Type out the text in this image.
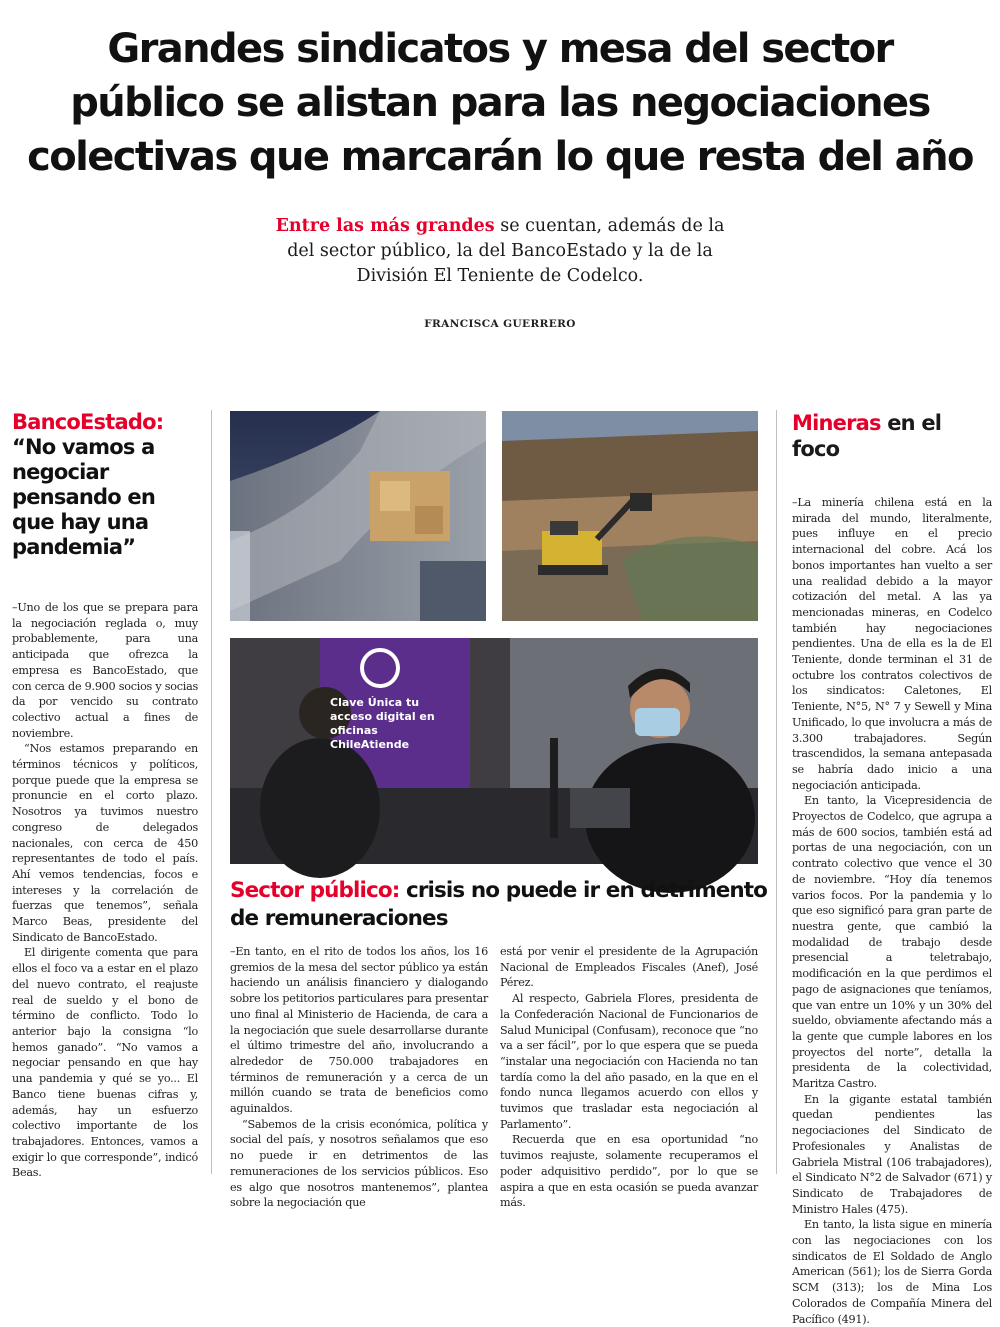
Grandes sindicatos y mesa del sector
público se alistan para las negociaciones
colectivas que marcarán lo que resta del año
Entre las más grandes se cuentan, además de la del sector público, la del BancoEstado y la de la División El Teniente de Codelco.
FRANCISCA GUERRERO
BancoEstado:
“No vamos a negociar pensando en que hay una pandemia”

–Uno de los que se prepara para la negociación reglada o, muy probablemente, para una anticipada que ofrezca la empresa es BancoEstado, que con cerca de 9.900 socios y socias da por vencido su contrato colectivo actual a fines de noviembre.

“Nos estamos preparando en términos técnicos y políticos, porque puede que la empresa se pronuncie en el corto plazo. Nosotros ya tuvimos nuestro congreso de delegados nacionales, con cerca de 450 representantes de todo el país. Ahí vemos tendencias, focos e intereses y la correlación de fuerzas que tenemos”, señala Marco Beas, presidente del Sindicato de BancoEstado.

El dirigente comenta que para ellos el foco va a estar en el plazo del nuevo contrato, el reajuste real de sueldo y el bono de término de conflicto. Todo lo anterior bajo la consigna “lo hemos ganado”. “No vamos a negociar pensando en que hay una pandemia y qué se yo... El Banco tiene buenas cifras y, además, hay un esfuerzo colectivo importante de los trabajadores. Entonces, vamos a exigir lo que corresponde”, indicó Beas.

Clave Única tu acceso digital en oficinas ChileAtiende
Sector público: crisis no puede ir en detrimento de remuneraciones

–En tanto, en el rito de todos los años, los 16 gremios de la mesa del sector público ya están haciendo un análisis financiero y dialogando sobre los petitorios particulares para presentar uno final al Ministerio de Hacienda, de cara a la negociación que suele desarrollarse durante el último trimestre del año, involucrando a alrededor de 750.000 trabajadores en términos de remuneración y a cerca de un millón cuando se trata de beneficios como aguinaldos.

“Sabemos de la crisis económica, política y social del país, y nosotros señalamos que eso no puede ir en detrimentos de las remuneraciones de los servicios públicos. Eso es algo que nosotros mantenemos”, plantea sobre la negociación que

está por venir el presidente de la Agrupación Nacional de Empleados Fiscales (Anef), José Pérez.

Al respecto, Gabriela Flores, presidenta de la Confederación Nacional de Funcionarios de Salud Municipal (Confusam), reconoce que “no va a ser fácil”, por lo que espera que se pueda “instalar una negociación con Hacienda no tan tardía como la del año pasado, en la que en el fondo nunca llegamos acuerdo con ellos y tuvimos que trasladar esta negociación al Parlamento”.

Recuerda que en esa oportunidad “no tuvimos reajuste, solamente recuperamos el poder adquisitivo perdido”, por lo que se aspira a que en esta ocasión se pueda avanzar más.

Mineras en el foco

–La minería chilena está en la mirada del mundo, literalmente, pues influye en el precio internacional del cobre. Acá los bonos importantes han vuelto a ser una realidad debido a la mayor cotización del metal. A las ya mencionadas mineras, en Codelco también hay negociaciones pendientes. Una de ella es la de El Teniente, donde terminan el 31 de octubre los contratos colectivos de los sindicatos: Caletones, El Teniente, N°5, N° 7 y Sewell y Mina Unificado, lo que involucra a más de 3.300 trabajadores. Según trascendidos, la semana antepasada se habría dado inicio a una negociación anticipada.

En tanto, la Vicepresidencia de Proyectos de Codelco, que agrupa a más de 600 socios, también está ad portas de una negociación, con un contrato colectivo que vence el 30 de noviembre. “Hoy día tenemos varios focos. Por la pandemia y lo que eso significó para gran parte de nuestra gente, que cambió la modalidad de trabajo desde presencial a teletrabajo, modificación en la que perdimos el pago de asignaciones que teníamos, que van entre un 10% y un 30% del sueldo, obviamente afectando más a la gente que cumple labores en los proyectos del norte”, detalla la presidenta de la colectividad, Maritza Castro.

En la gigante estatal también quedan pendientes las negociaciones del Sindicato de Profesionales y Analistas de Gabriela Mistral (106 trabajadores), el Sindicato N°2 de Salvador (671) y Sindicato de Trabajadores de Ministro Hales (475).

En tanto, la lista sigue en minería con las negociaciones con los sindicatos de El Soldado de Anglo American (561); los de Sierra Gorda SCM (313); los de Mina Los Colorados de Compañía Minera del Pacífico (491).
